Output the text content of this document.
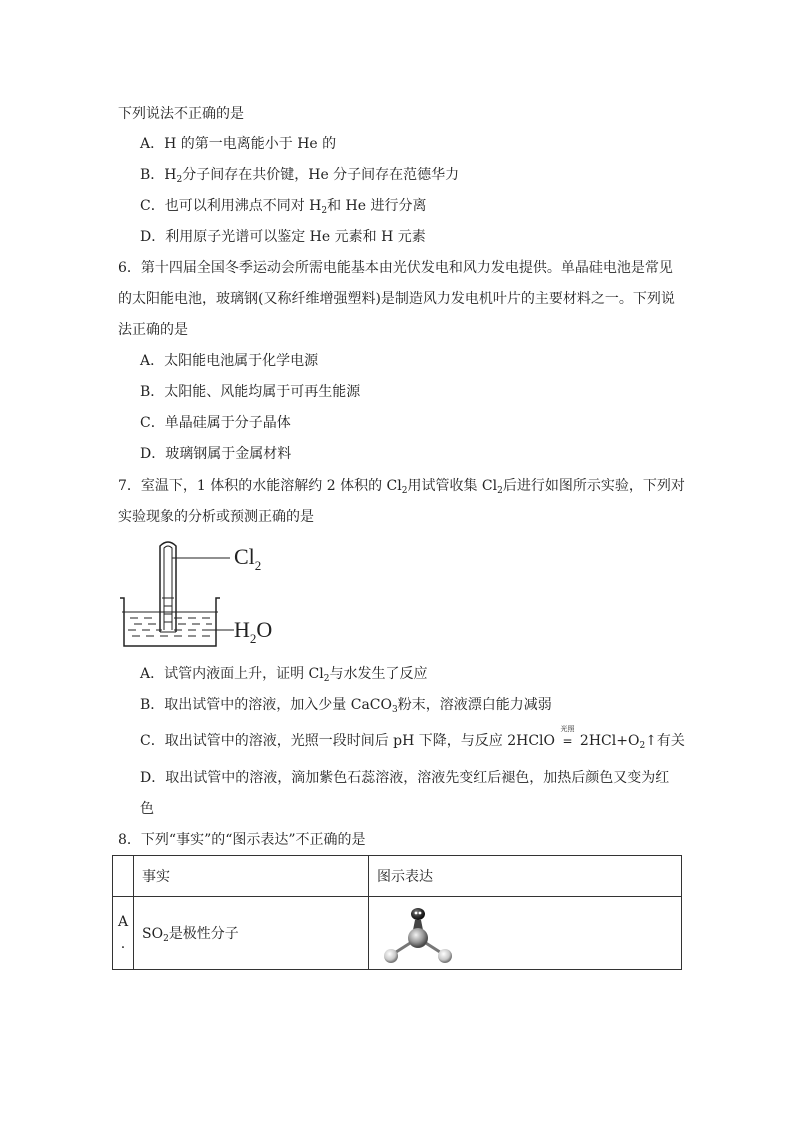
下列说法不正确的是
A．H 的第一电离能小于 He 的
B．$H_2$分子间存在共价键，He 分子间存在范德华力
C．也可以利用沸点不同对 $H_2$和 He 进行分离
D．利用原子光谱可以鉴定 He 元素和 H 元素
6．第十四届全国冬季运动会所需电能基本由光伏发电和风力发电提供。单晶硅电池是常见
的太阳能电池，玻璃钢(又称纤维增强塑料)是制造风力发电机叶片的主要材料之一。下列说
法正确的是
A．太阳能电池属于化学电源
B．太阳能、风能均属于可再生能源
C．单晶硅属于分子晶体
D．玻璃钢属于金属材料
7．室温下，1 体积的水能溶解约 2 体积的 $Cl_2$用试管收集 $Cl_2$后进行如图所示实验，下列对
实验现象的分析或预测正确的是
$Cl_2$
$H_2O$
A．试管内液面上升，证明 $Cl_2$与水发生了反应
B．取出试管中的溶液，加入少量 CaCO$_3$粉末，溶液漂白能力减弱
C．取出试管中的溶液，光照一段时间后 pH 下降，与反应 2HClO
光照
= $2HCl+O_2↑$有关
D．取出试管中的溶液，滴加紫色石蕊溶液，溶液先变红后褪色，加热后颜色又变为红
色
8．下列“事实”的“图示表达”不正确的是
	事实	图示表达

A
.	$SO_2$是极性分子	
